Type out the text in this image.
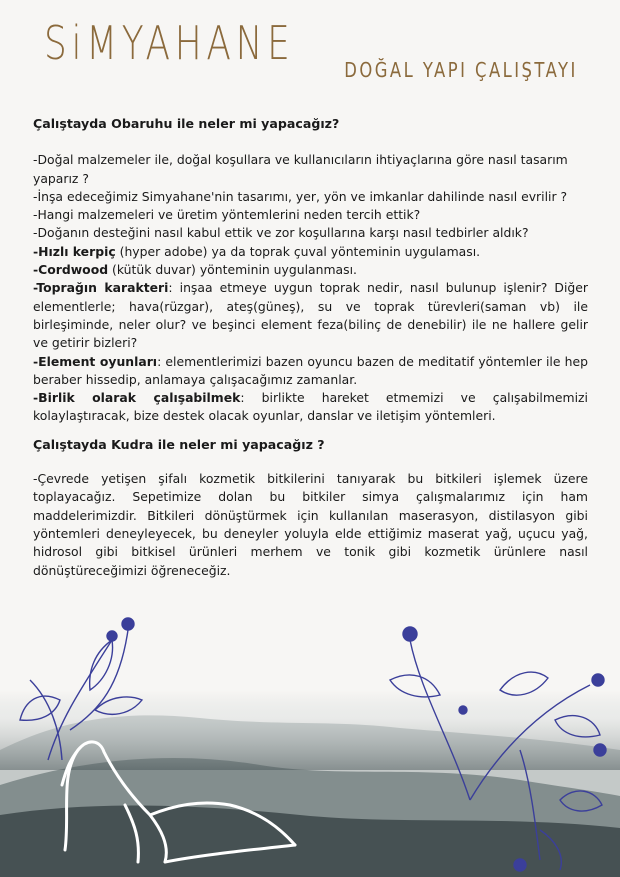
SiMYAHANE DOĞAL YAPI ÇALIŞTAYI
Çalıştayda Obaruhu ile neler mi yapacağız?
-Doğal malzemeler ile, doğal koşullara ve kullanıcıların ihtiyaçlarına göre nasıl tasarım yaparız ?
-İnşa edeceğimiz Simyahane'nin tasarımı, yer, yön ve imkanlar dahilinde nasıl evrilir ?
-Hangi malzemeleri ve üretim yöntemlerini neden tercih ettik?
-Doğanın desteğini nasıl kabul ettik ve zor koşullarına karşı nasıl tedbirler aldık?
-Hızlı kerpiç (hyper adobe) ya da toprak çuval yönteminin uygulaması.
-Cordwood (kütük duvar) yönteminin uygulanması.
-Toprağın karakteri: inşaa etmeye uygun toprak nedir, nasıl bulunup işlenir? Diğer elementlerle; hava(rüzgar), ateş(güneş), su ve toprak türevleri(saman vb) ile birleşiminde, neler olur? ve beşinci element feza(bilinç de denebilir) ile ne hallere gelir ve getirir bizleri?
-Element oyunları: elementlerimizi bazen oyuncu bazen de meditatif yöntemler ile hep beraber hissedip, anlamaya çalışacağımız zamanlar.
-Birlik olarak çalışabilmek: birlikte hareket etmemizi ve çalışabilmemizi kolaylaştıracak, bize destek olacak oyunlar, danslar ve iletişim yöntemleri.
Çalıştayda Kudra ile neler mi yapacağız ?
-Çevrede yetişen şifalı kozmetik bitkilerini tanıyarak bu bitkileri işlemek üzere toplayacağız. Sepetimize dolan bu bitkiler simya çalışmalarımız için ham maddelerimizdir. Bitkileri dönüştürmek için kullanılan maserasyon, distilasyon gibi yöntemleri deneyleyecek, bu deneyler yoluyla elde ettiğimiz maserat yağ, uçucu yağ, hidrosol gibi bitkisel ürünleri merhem ve tonik gibi kozmetik ürünlere nasıl dönüştüreceğimizi öğreneceğiz.
